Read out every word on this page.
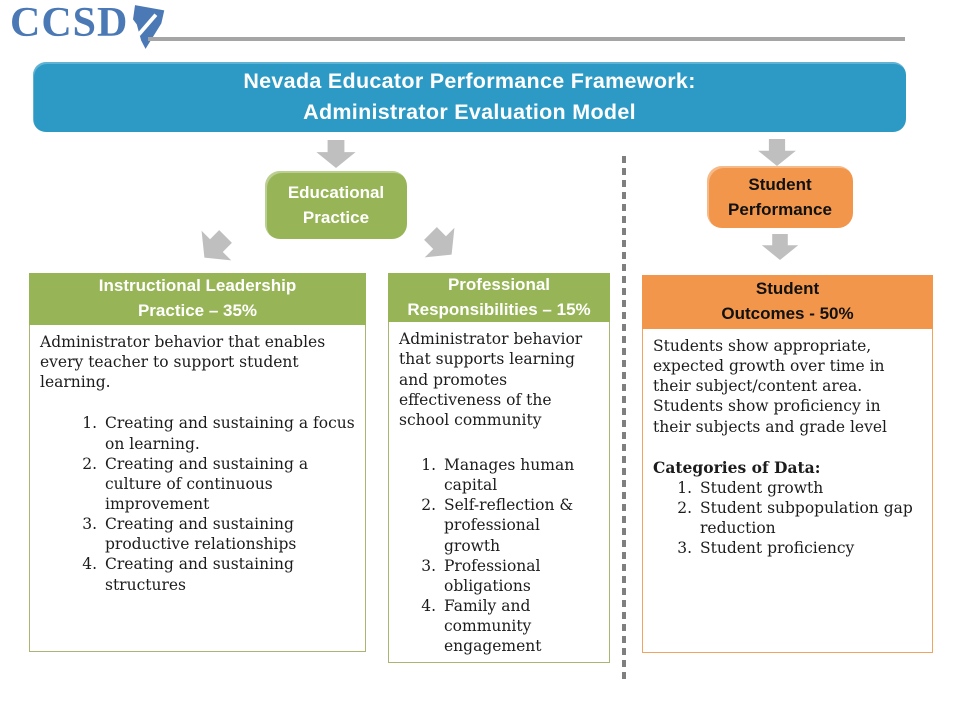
CCSD
Nevada Educator Performance Framework:
Administrator Evaluation Model
Educational
Practice
Student
Performance
Instructional Leadership
Practice – 35%

Administrator behavior that enables every teacher to support student learning.

1. Creating and sustaining a focus on learning.
2. Creating and sustaining a culture of continuous improvement
3. Creating and sustaining productive relationships
4. Creating and sustaining structures
Professional
Responsibilities – 15%

Administrator behavior that supports learning and promotes effectiveness of the school community

1. Manages human capital
2. Self-reflection & professional growth
3. Professional obligations
4. Family and community engagement
Student
Outcomes - 50%

Students show appropriate, expected growth over time in their subject/content area. Students show proficiency in their subjects and grade level

Categories of Data:
1. Student growth
2. Student subpopulation gap reduction
3. Student proficiency
